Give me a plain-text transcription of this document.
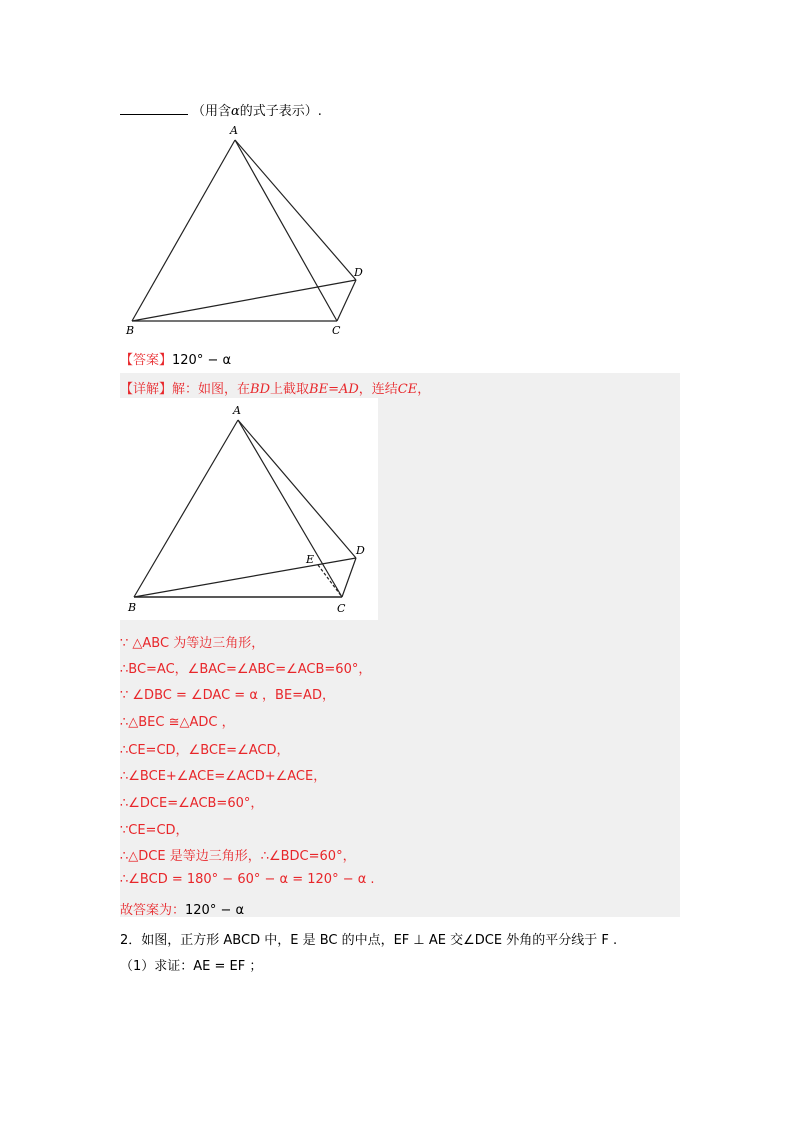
（用含α的式子表示）.
A
B	C
D
【答案】120° − α
【详解】解：如图，在BD上截取BE=AD，连结CE，
A
B	C
D
E
∵ △ABC 为等边三角形，
∴BC=AC，∠BAC=∠ABC=∠ACB=60°，
∵ ∠DBC = ∠DAC = α ，BE=AD，
∴△BEC ≅△ADC ，
∴CE=CD，∠BCE=∠ACD，
∴∠BCE+∠ACE=∠ACD+∠ACE，
∴∠DCE=∠ACB=60°，
∵CE=CD，
∴△DCE 是等边三角形，∴∠BDC=60°，
∴∠BCD = 180° − 60° − α = 120° − α .
故答案为：120° − α
2．如图，正方形 ABCD 中，E 是 BC 的中点，EF ⊥ AE 交∠DCE 外角的平分线于 F .
（1）求证：AE = EF ；
